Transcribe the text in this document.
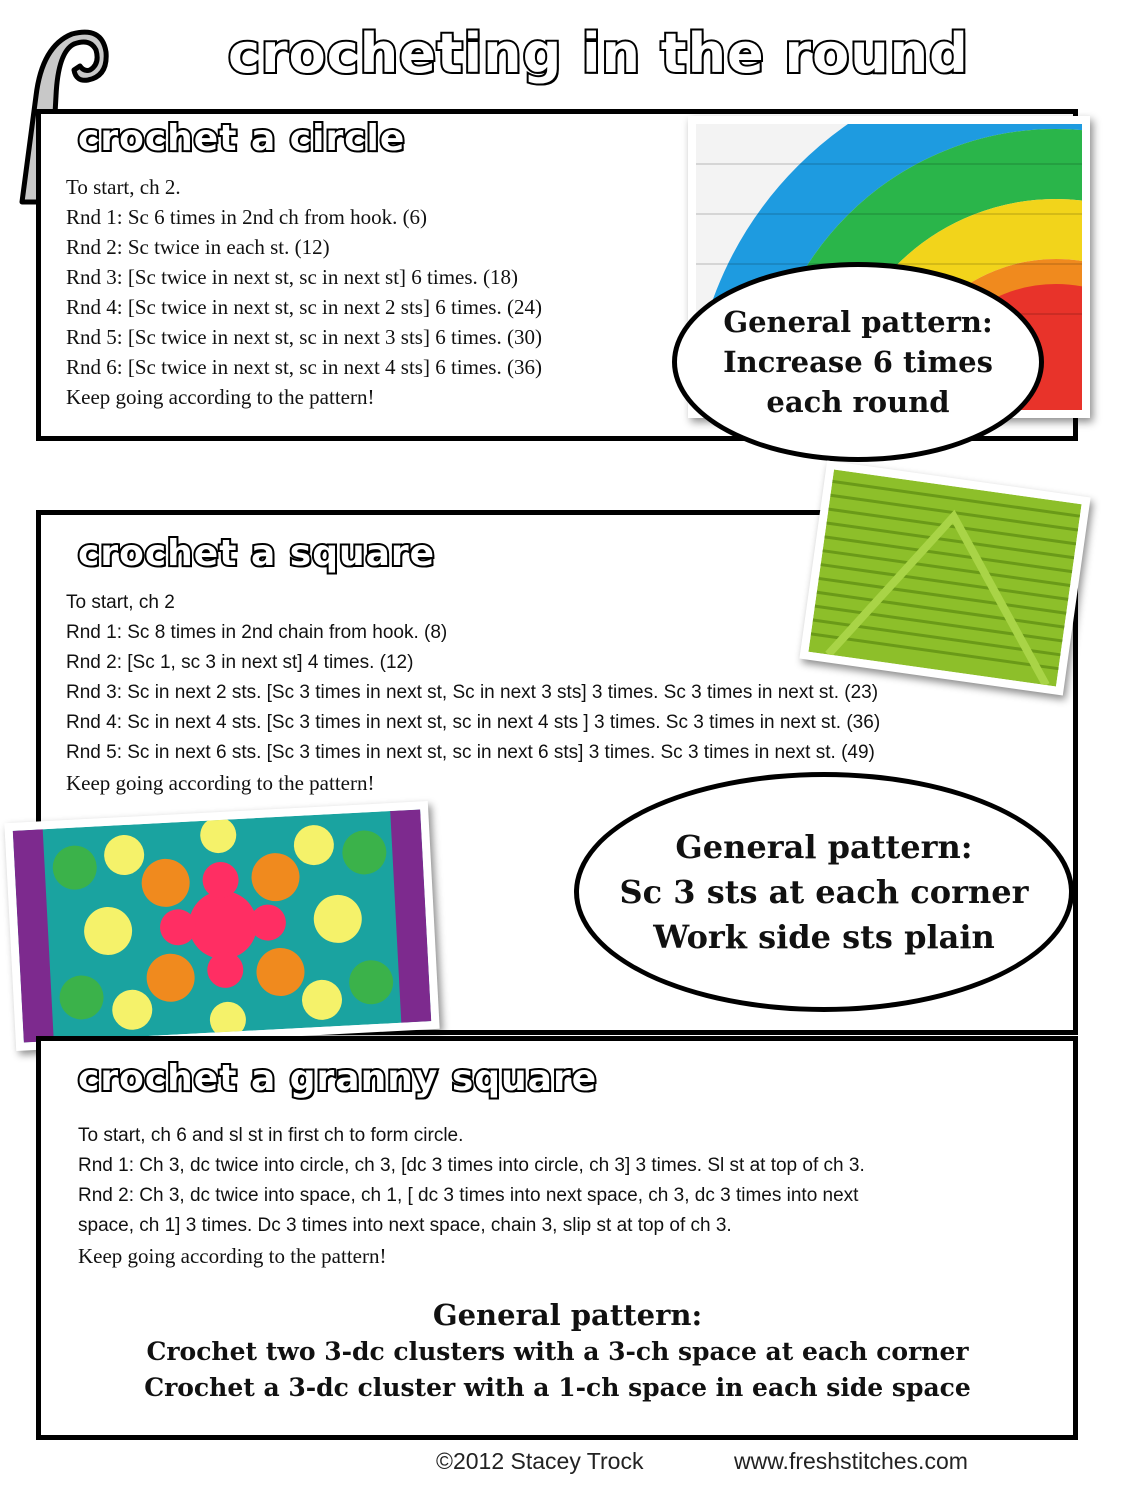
crocheting in the round
crochet a circle
To start, ch 2.
Rnd 1: Sc 6 times in 2nd ch from hook. (6)
Rnd 2: Sc twice in each st. (12)
Rnd 3: [Sc twice in next st, sc in next st] 6 times. (18)
Rnd 4: [Sc twice in next st, sc in next 2 sts] 6 times. (24)
Rnd 5: [Sc twice in next st, sc in next 3 sts] 6 times. (30)
Rnd 6: [Sc twice in next st, sc in next 4 sts] 6 times. (36)
Keep going according to the pattern!
General pattern:
Increase 6 times
each round
crochet a square
To start, ch 2
Rnd 1: Sc 8 times in 2nd chain from hook. (8)
Rnd 2: [Sc 1, sc 3 in next st] 4 times. (12)
Rnd 3: Sc in next 2 sts. [Sc 3 times in next st, Sc in next 3 sts] 3 times. Sc 3 times in next st. (23)
Rnd 4: Sc in next 4 sts. [Sc 3 times in next st, sc in next 4 sts ] 3 times. Sc 3 times in next st. (36)
Rnd 5: Sc in next 6 sts. [Sc 3 times in next st, sc in next 6 sts] 3 times. Sc 3 times in next st. (49)
Keep going according to the pattern!
General pattern:
Sc 3 sts at each corner
Work side sts plain
crochet a granny square
To start, ch 6 and sl st in first ch to form circle.
Rnd 1: Ch 3, dc twice into circle, ch 3, [dc 3 times into circle, ch 3] 3 times. Sl st at top of ch 3.
Rnd 2: Ch 3, dc twice into space, ch 1, [ dc 3 times into next space, ch 3, dc 3 times into next
space, ch 1] 3 times. Dc 3 times into next space, chain 3, slip st at top of ch 3.
Keep going according to the pattern!
General pattern:
Crochet two 3-dc clusters with a 3-ch space at each corner
Crochet a 3-dc cluster with a 1-ch space in each side space
©2012 Stacey Trock	www.freshstitches.com
